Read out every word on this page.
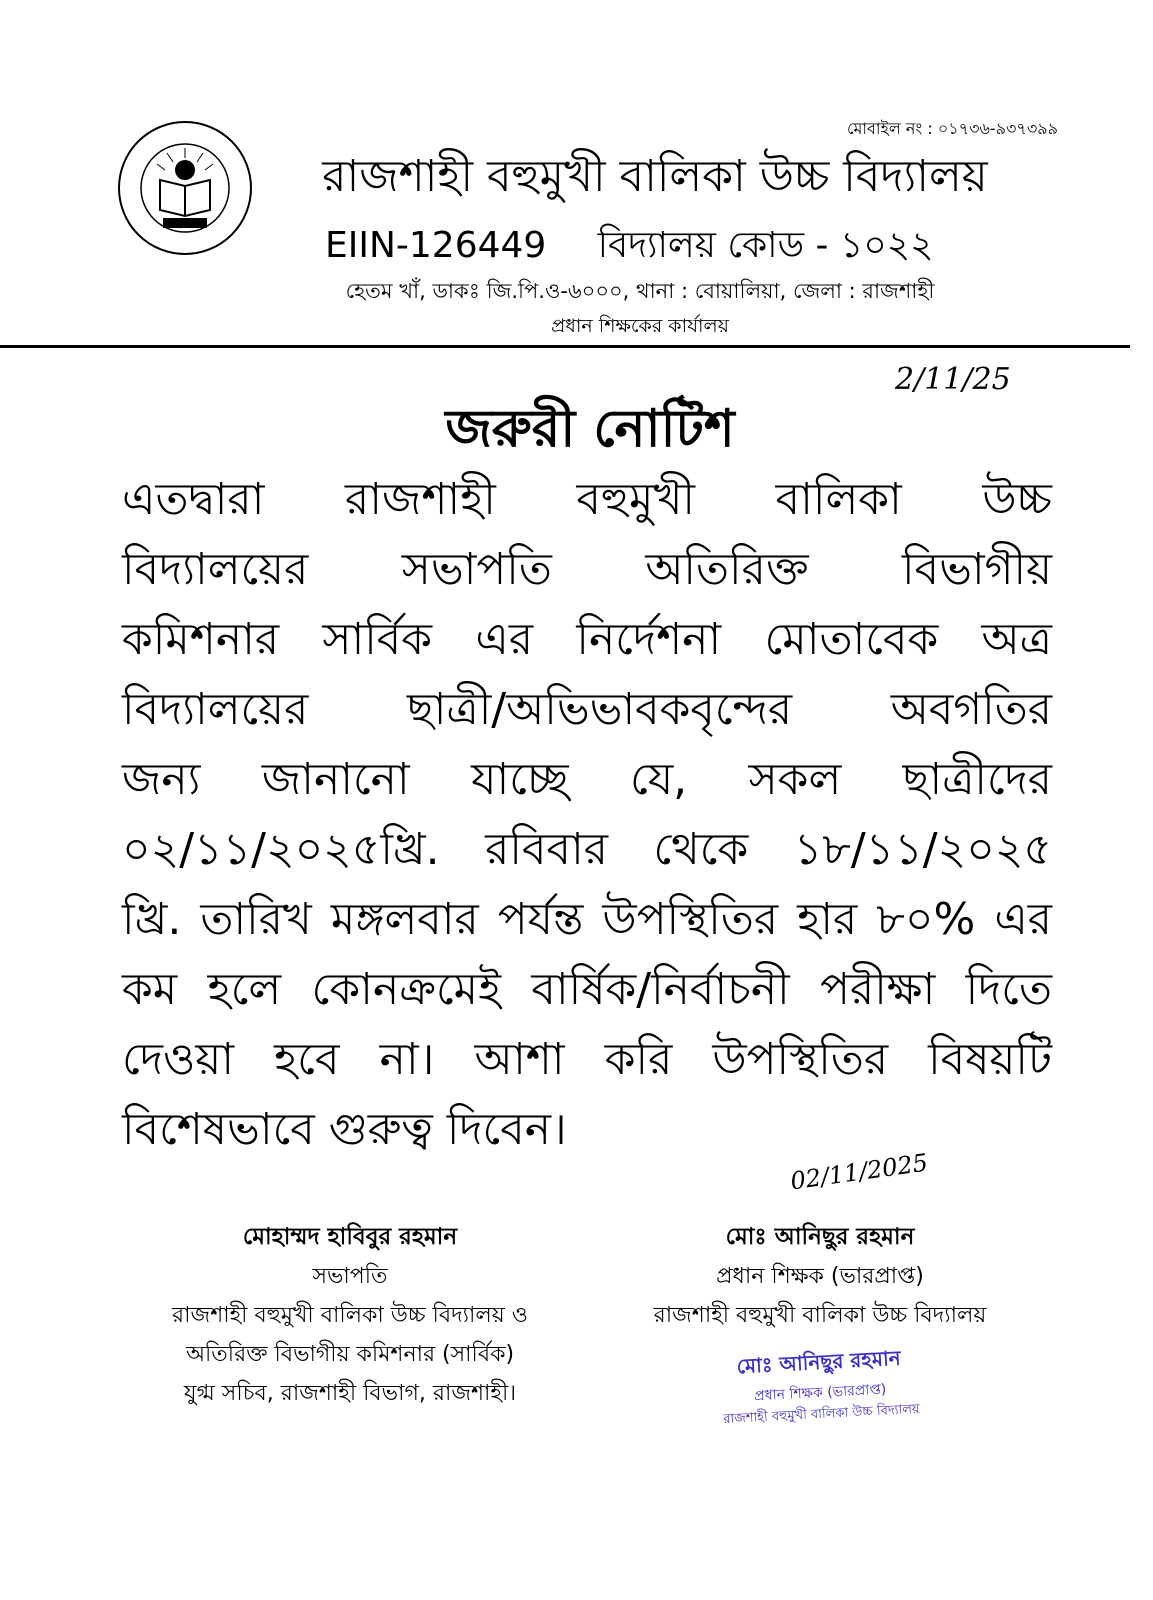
মোবাইল নং : ০১৭৩৬-৯৩৭৩৯৯
রাজশাহী বহুমুখী বালিকা উচ্চ বিদ্যালয়
EIIN-126449 বিদ্যালয় কোড - ১০২২
হেতম খাঁ, ডাকঃ জি.পি.ও-৬০০০, থানা : বোয়ালিয়া, জেলা : রাজশাহী
প্রধান শিক্ষকের কার্যালয়
2/11/25
জরুরী নোটিশ
এতদ্বারা রাজশাহী বহুমুখী বালিকা উচ্চ
বিদ্যালয়ের সভাপতি অতিরিক্ত বিভাগীয়
কমিশনার সার্বিক এর নির্দেশনা মোতাবেক অত্র
বিদ্যালয়ের ছাত্রী/অভিভাবকবৃন্দের অবগতির
জন্য জানানো যাচ্ছে যে, সকল ছাত্রীদের
০২/১১/২০২৫খ্রি. রবিবার থেকে ১৮/১১/২০২৫
খ্রি. তারিখ মঙ্গলবার পর্যন্ত উপস্থিতির হার ৮০% এর
কম হলে কোনক্রমেই বার্ষিক/নির্বাচনী পরীক্ষা দিতে
দেওয়া হবে না। আশা করি উপস্থিতির বিষয়টি
বিশেষভাবে গুরুত্ব দিবেন।
মোহাম্মদ হাবিবুর রহমান
সভাপতি
রাজশাহী বহুমুখী বালিকা উচ্চ বিদ্যালয় ও
অতিরিক্ত বিভাগীয় কমিশনার (সার্বিক)
যুগ্ম সচিব, রাজশাহী বিভাগ, রাজশাহী।
02/11/2025
মোঃ আনিছুর রহমান
প্রধান শিক্ষক (ভারপ্রাপ্ত)
রাজশাহী বহুমুখী বালিকা উচ্চ বিদ্যালয়
মোঃ আনিছুর রহমান
প্রধান শিক্ষক (ভারপ্রাপ্ত)
রাজশাহী বহুমুখী বালিকা উচ্চ বিদ্যালয়
